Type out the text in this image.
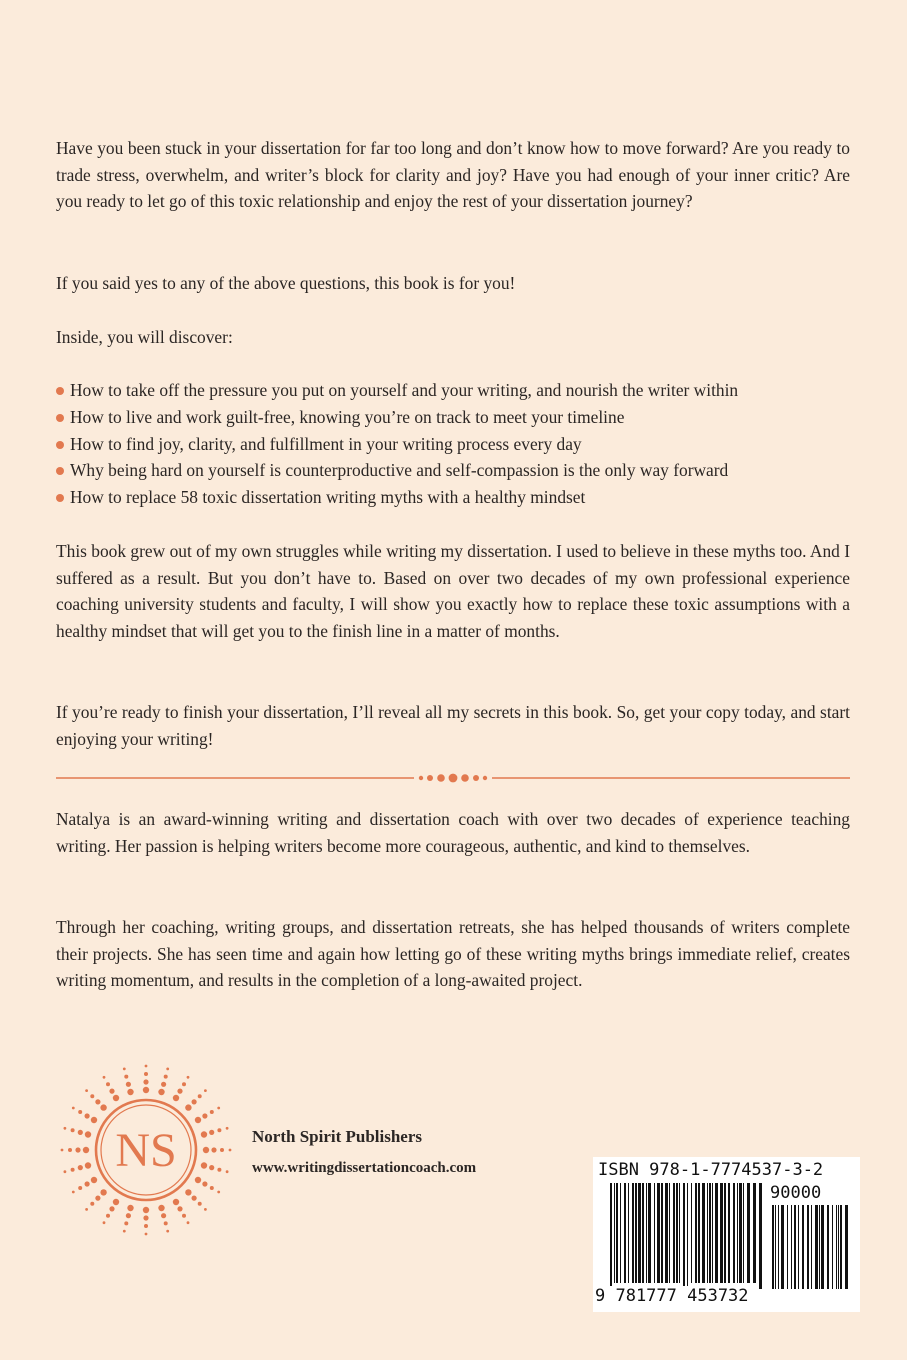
Have you been stuck in your dissertation for far too long and don’t know how to move forward? Are you ready to trade stress, overwhelm, and writer’s block for clarity and joy? Have you had enough of your inner critic? Are you ready to let go of this toxic relationship and enjoy the rest of your dissertation journey?

If you said yes to any of the above questions, this book is for you!

Inside, you will discover:

How to take off the pressure you put on yourself and your writing, and nourish the writer within
How to live and work guilt-free, knowing you’re on track to meet your timeline
How to find joy, clarity, and fulfillment in your writing process every day
Why being hard on yourself is counterproductive and self-compassion is the only way forward
How to replace 58 toxic dissertation writing myths with a healthy mindset

This book grew out of my own struggles while writing my dissertation. I used to believe in these myths too. And I suffered as a result. But you don’t have to. Based on over two decades of my own professional experience coaching university students and faculty, I will show you exactly how to replace these toxic assumptions with a healthy mindset that will get you to the finish line in a matter of months.

If you’re ready to finish your dissertation, I’ll reveal all my secrets in this book. So, get your copy today, and start enjoying your writing!

Natalya is an award-winning writing and dissertation coach with over two decades of experience teaching writing. Her passion is helping writers become more courageous, authentic, and kind to themselves.

Through her coaching, writing groups, and dissertation retreats, she has helped thousands of writers complete their projects. She has seen time and again how letting go of these writing myths brings immediate relief, creates writing momentum, and results in the completion of a long-awaited project.

NS	North Spirit Publishers
www.writingdissertationcoach.com	ISBN 978-1-7774537-3-2
90000
9 781777 453732
